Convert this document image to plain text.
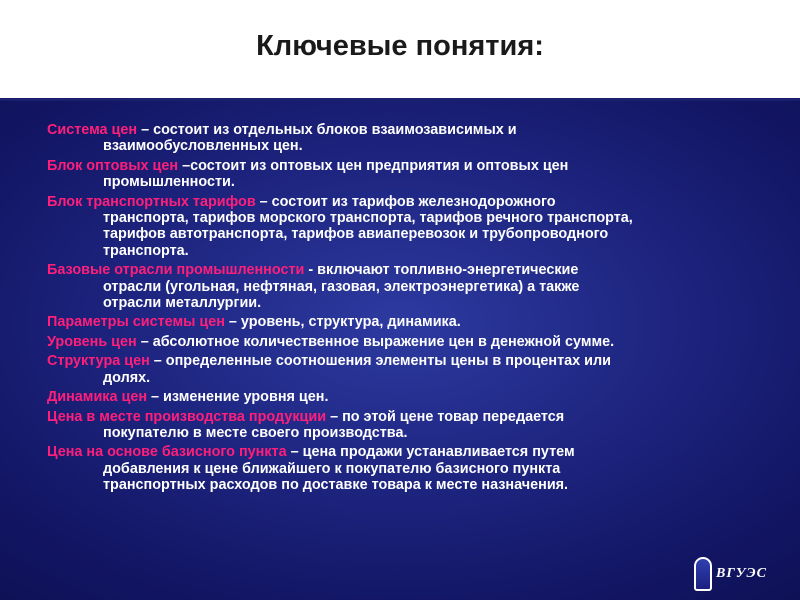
Ключевые понятия:
Система цен – состоит из отдельных блоков взаимозависимых и
взаимообусловленных цен.
Блок оптовых цен –состоит из оптовых цен предприятия и оптовых цен
промышленности.
Блок транспортных тарифов – состоит из тарифов железнодорожного
транспорта, тарифов морского транспорта, тарифов речного транспорта,
тарифов автотранспорта, тарифов авиаперевозок и трубопроводного
транспорта.
Базовые отрасли промышленности - включают топливно-энергетические
отрасли (угольная, нефтяная, газовая, электроэнергетика) а также
отрасли металлургии.
Параметры системы цен – уровень, структура, динамика.
Уровень цен – абсолютное количественное выражение цен в денежной сумме.
Структура цен – определенные соотношения элементы цены в процентах или
долях.
Динамика цен – изменение уровня цен.
Цена в месте производства продукции – по этой цене товар передается
покупателю в месте своего производства.
Цена на основе базисного пункта – цена продажи устанавливается путем
добавления к цене ближайшего к покупателю базисного пункта
транспортных расходов по доставке товара к месте назначения.
ВГУЭС
